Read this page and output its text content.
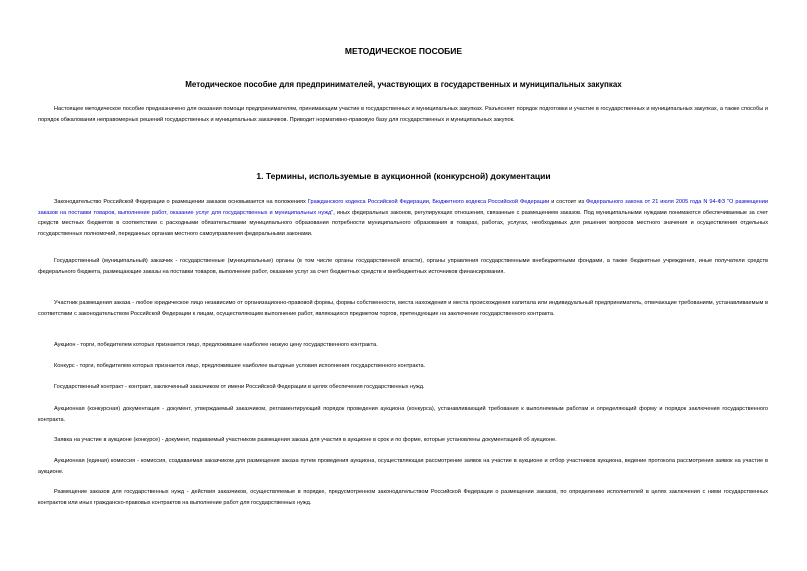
МЕТОДИЧЕСКОЕ ПОСОБИЕ
Методическое пособие для предпринимателей, участвующих в государственных и муниципальных закупках

Настоящее методическое пособие предназначено для оказания помощи предпринимателям, принимающим участие в государственных и муниципальных закупках. Разъясняет порядок подготовки и участие в государственных и муниципальных закупках, а также способы и порядок обжалования неправомерных решений государственных и муниципальных заказчиков. Приводит нормативно-правовую базу для государственных и муниципальных закупок.

1. Термины, используемые в аукционной (конкурсной) документации

Законодательство Российской Федерации о размещении заказов основывается на положениях Гражданского кодекса Российской Федерации, Бюджетного кодекса Российской Федерации и состоит из Федерального закона от 21 июля 2005 года N 94-ФЗ "О размещении заказов на поставки товаров, выполнение работ, оказание услуг для государственных и муниципальных нужд", иных федеральных законов, регулирующих отношения, связанные с размещением заказов. Под муниципальными нуждами понимаются обеспечиваемые за счет средств местных бюджетов в соответствии с расходными обязательствами муниципального образования потребности муниципального образования в товарах, работах, услугах, необходимых для решения вопросов местного значения и осуществления отдельных государственных полномочий, переданных органам местного самоуправления федеральными законами.

Государственный (муниципальный) заказчик - государственные (муниципальные) органы (в том числе органы государственной власти), органы управления государственными внебюджетными фондами, а также бюджетные учреждения, иные получатели средств федерального бюджета, размещающие заказы на поставки товаров, выполнение работ, оказание услуг за счет бюджетных средств и внебюджетных источников финансирования.

Участник размещения заказа - любое юридическое лицо независимо от организационно-правовой формы, формы собственности, места нахождения и места происхождения капитала или индивидуальный предприниматель, отвечающие требованиям, устанавливаемым в соответствии с законодательством Российской Федерации к лицам, осуществляющим выполнение работ, являющихся предметом торгов, претендующие на заключение государственного контракта.

Аукцион - торги, победителем которых признается лицо, предложившее наиболее низкую цену государственного контракта.

Конкурс - торги, победителем которых признается лицо, предложившее наиболее выгодные условия исполнения государственного контракта.

Государственный контракт - контракт, заключенный заказчиком от имени Российской Федерации в целях обеспечения государственных нужд.

Аукционная (конкурсная) документация - документ, утверждаемый заказчиком, регламентирующий порядок проведения аукциона (конкурса), устанавливающий требования к выполняемым работам и определяющий форму и порядок заключения государственного контракта.

Заявка на участие в аукционе (конкурсе) - документ, подаваемый участником размещения заказа для участия в аукционе в срок и по форме, которые установлены документацией об аукционе.

Аукционная (единая) комиссия - комиссия, создаваемая заказчиком для размещения заказа путем проведения аукциона, осуществляющая рассмотрение заявок на участие в аукционе и отбор участников аукциона, ведение протокола рассмотрения заявок на участие в аукционе.

Размещение заказов для государственных нужд - действия заказчиков, осуществляемые в порядке, предусмотренном законодательством Российской Федерации о размещении заказов, по определению исполнителей в целях заключения с ними государственных контрактов или иных гражданско-правовых контрактов на выполнение работ для государственных нужд.
